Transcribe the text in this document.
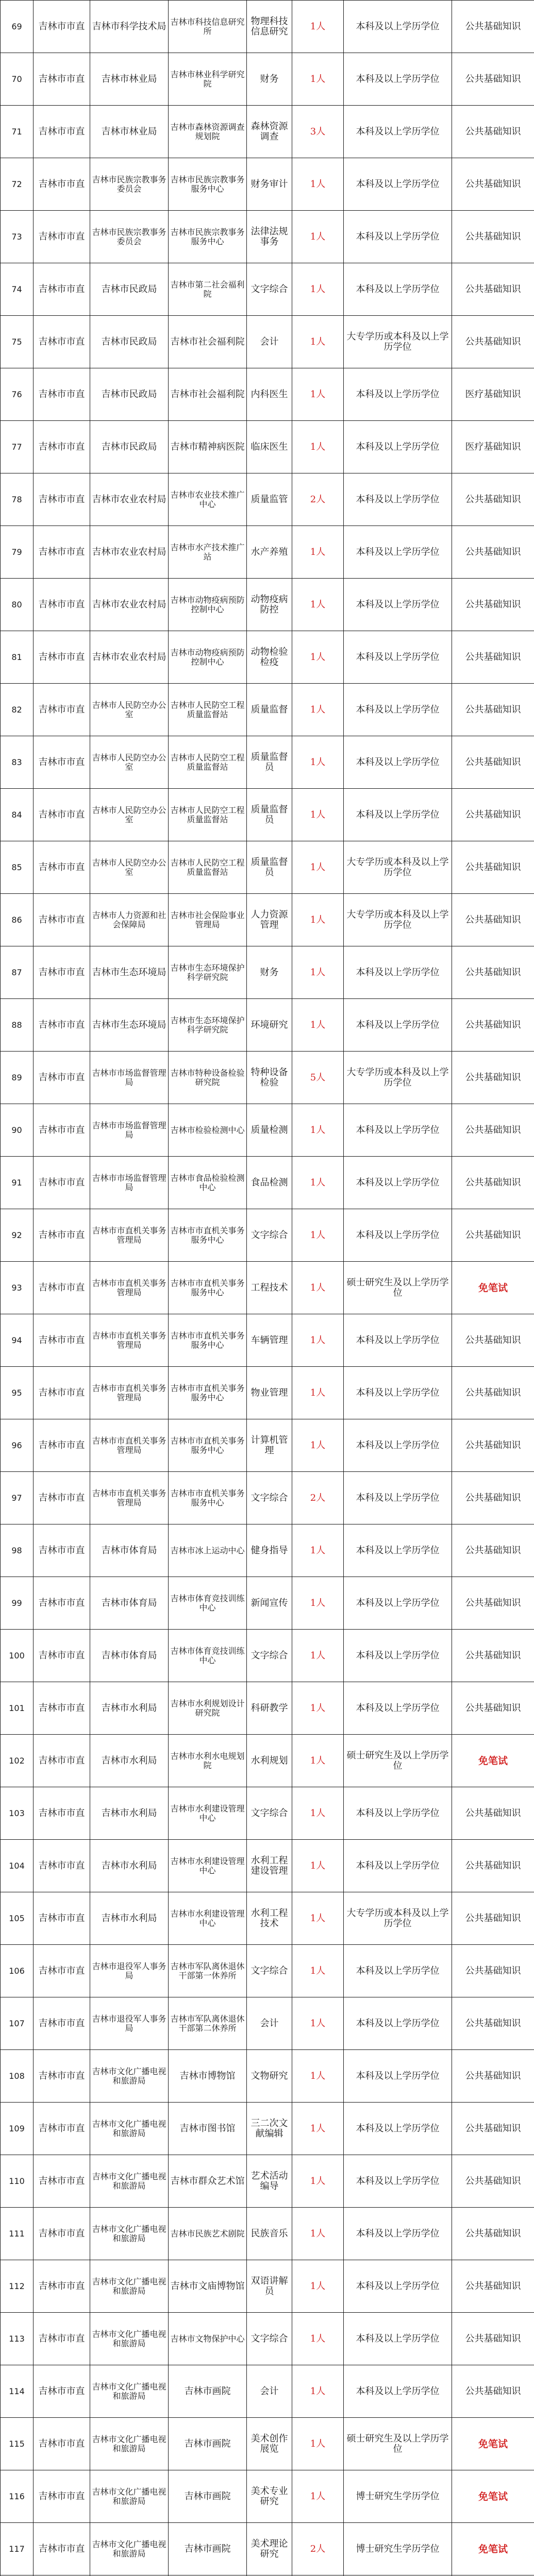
69	吉林市市直	吉林市科学技术局	吉林市科技信息研究所	物理科技信息研究	1人	本科及以上学历学位	公共基础知识
70	吉林市市直	吉林市林业局	吉林市林业科学研究院	财务	1人	本科及以上学历学位	公共基础知识
71	吉林市市直	吉林市林业局	吉林市森林资源调查规划院	森林资源调查	3人	本科及以上学历学位	公共基础知识
72	吉林市市直	吉林市民族宗教事务委员会	吉林市民族宗教事务服务中心	财务审计	1人	本科及以上学历学位	公共基础知识
73	吉林市市直	吉林市民族宗教事务委员会	吉林市民族宗教事务服务中心	法律法规事务	1人	本科及以上学历学位	公共基础知识
74	吉林市市直	吉林市民政局	吉林市第二社会福利院	文字综合	1人	本科及以上学历学位	公共基础知识
75	吉林市市直	吉林市民政局	吉林市社会福利院	会计	1人	大专学历或本科及以上学历学位	公共基础知识
76	吉林市市直	吉林市民政局	吉林市社会福利院	内科医生	1人	本科及以上学历学位	医疗基础知识
77	吉林市市直	吉林市民政局	吉林市精神病医院	临床医生	1人	本科及以上学历学位	医疗基础知识
78	吉林市市直	吉林市农业农村局	吉林市农业技术推广中心	质量监管	2人	本科及以上学历学位	公共基础知识
79	吉林市市直	吉林市农业农村局	吉林市水产技术推广站	水产养殖	1人	本科及以上学历学位	公共基础知识
80	吉林市市直	吉林市农业农村局	吉林市动物疫病预防控制中心	动物疫病防控	1人	本科及以上学历学位	公共基础知识
81	吉林市市直	吉林市农业农村局	吉林市动物疫病预防控制中心	动物检验检疫	1人	本科及以上学历学位	公共基础知识
82	吉林市市直	吉林市人民防空办公室	吉林市人民防空工程质量监督站	质量监督	1人	本科及以上学历学位	公共基础知识
83	吉林市市直	吉林市人民防空办公室	吉林市人民防空工程质量监督站	质量监督员	1人	本科及以上学历学位	公共基础知识
84	吉林市市直	吉林市人民防空办公室	吉林市人民防空工程质量监督站	质量监督员	1人	本科及以上学历学位	公共基础知识
85	吉林市市直	吉林市人民防空办公室	吉林市人民防空工程质量监督站	质量监督员	1人	大专学历或本科及以上学历学位	公共基础知识
86	吉林市市直	吉林市人力资源和社会保障局	吉林市社会保险事业管理局	人力资源管理	1人	大专学历或本科及以上学历学位	公共基础知识
87	吉林市市直	吉林市生态环境局	吉林市生态环境保护科学研究院	财务	1人	本科及以上学历学位	公共基础知识
88	吉林市市直	吉林市生态环境局	吉林市生态环境保护科学研究院	环境研究	1人	本科及以上学历学位	公共基础知识
89	吉林市市直	吉林市市场监督管理局	吉林市特种设备检验研究院	特种设备检验	5人	大专学历或本科及以上学历学位	公共基础知识
90	吉林市市直	吉林市市场监督管理局	吉林市检验检测中心	质量检测	1人	本科及以上学历学位	公共基础知识
91	吉林市市直	吉林市市场监督管理局	吉林市食品检验检测中心	食品检测	1人	本科及以上学历学位	公共基础知识
92	吉林市市直	吉林市市直机关事务管理局	吉林市市直机关事务服务中心	文字综合	1人	本科及以上学历学位	公共基础知识
93	吉林市市直	吉林市市直机关事务管理局	吉林市市直机关事务服务中心	工程技术	1人	硕士研究生及以上学历学位	免笔试
94	吉林市市直	吉林市市直机关事务管理局	吉林市市直机关事务服务中心	车辆管理	1人	本科及以上学历学位	公共基础知识
95	吉林市市直	吉林市市直机关事务管理局	吉林市市直机关事务服务中心	物业管理	1人	本科及以上学历学位	公共基础知识
96	吉林市市直	吉林市市直机关事务管理局	吉林市市直机关事务服务中心	计算机管理	1人	本科及以上学历学位	公共基础知识
97	吉林市市直	吉林市市直机关事务管理局	吉林市市直机关事务服务中心	文字综合	2人	本科及以上学历学位	公共基础知识
98	吉林市市直	吉林市体育局	吉林市冰上运动中心	健身指导	1人	本科及以上学历学位	公共基础知识
99	吉林市市直	吉林市体育局	吉林市体育竞技训练中心	新闻宣传	1人	本科及以上学历学位	公共基础知识
100	吉林市市直	吉林市体育局	吉林市体育竞技训练中心	文字综合	1人	本科及以上学历学位	公共基础知识
101	吉林市市直	吉林市水利局	吉林市水利规划设计研究院	科研教学	1人	本科及以上学历学位	公共基础知识
102	吉林市市直	吉林市水利局	吉林市水利水电规划院	水利规划	1人	硕士研究生及以上学历学位	免笔试
103	吉林市市直	吉林市水利局	吉林市水利建设管理中心	文字综合	1人	本科及以上学历学位	公共基础知识
104	吉林市市直	吉林市水利局	吉林市水利建设管理中心	水利工程建设管理	1人	本科及以上学历学位	公共基础知识
105	吉林市市直	吉林市水利局	吉林市水利建设管理中心	水利工程技术	1人	大专学历或本科及以上学历学位	公共基础知识
106	吉林市市直	吉林市退役军人事务局	吉林市军队离休退休干部第一休养所	文字综合	1人	本科及以上学历学位	公共基础知识
107	吉林市市直	吉林市退役军人事务局	吉林市军队离休退休干部第二休养所	会计	1人	本科及以上学历学位	公共基础知识
108	吉林市市直	吉林市文化广播电视和旅游局	吉林市博物馆	文物研究	1人	本科及以上学历学位	公共基础知识
109	吉林市市直	吉林市文化广播电视和旅游局	吉林市图书馆	三二次文献编辑	1人	本科及以上学历学位	公共基础知识
110	吉林市市直	吉林市文化广播电视和旅游局	吉林市群众艺术馆	艺术活动编导	1人	本科及以上学历学位	公共基础知识
111	吉林市市直	吉林市文化广播电视和旅游局	吉林市民族艺术剧院	民族音乐	1人	本科及以上学历学位	公共基础知识
112	吉林市市直	吉林市文化广播电视和旅游局	吉林市文庙博物馆	双语讲解员	1人	本科及以上学历学位	公共基础知识
113	吉林市市直	吉林市文化广播电视和旅游局	吉林市文物保护中心	文字综合	1人	本科及以上学历学位	公共基础知识
114	吉林市市直	吉林市文化广播电视和旅游局	吉林市画院	会计	1人	本科及以上学历学位	公共基础知识
115	吉林市市直	吉林市文化广播电视和旅游局	吉林市画院	美术创作展览	1人	硕士研究生及以上学历学位	免笔试
116	吉林市市直	吉林市文化广播电视和旅游局	吉林市画院	美术专业研究	1人	博士研究生学历学位	免笔试
117	吉林市市直	吉林市文化广播电视和旅游局	吉林市画院	美术理论研究	2人	博士研究生学历学位	免笔试
